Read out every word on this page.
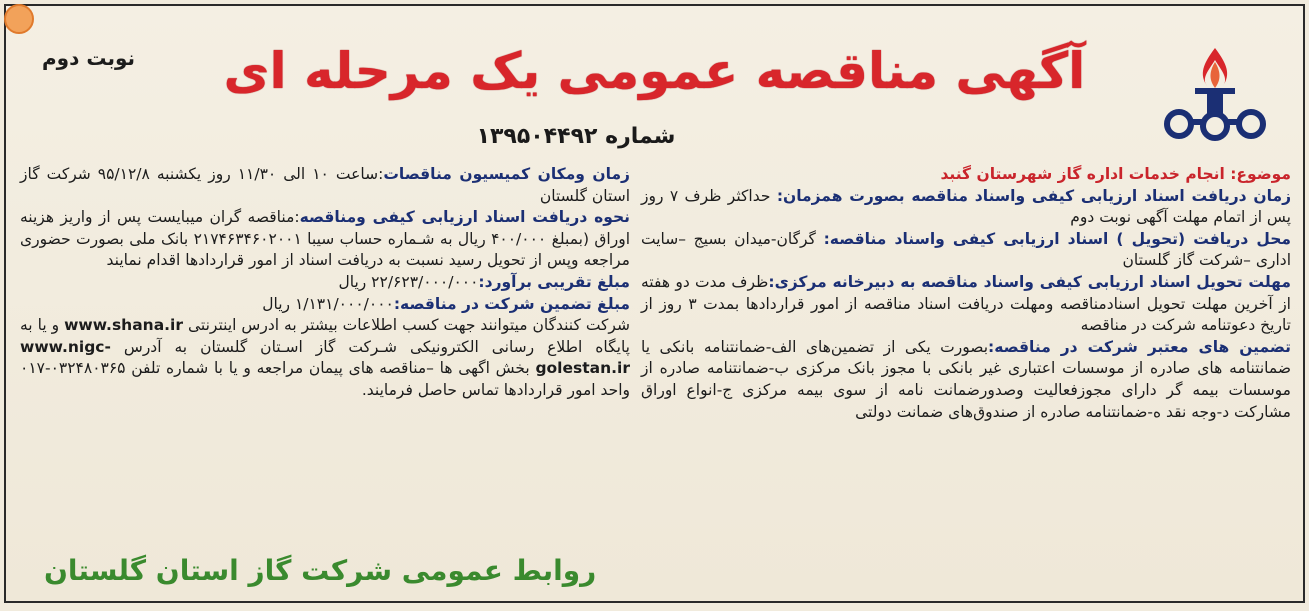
نوبت دوم	آگهی مناقصه عمومی یک مرحله ای
شماره ۱۳۹۵۰۴۴۹۲

موضوع: انجام خدمات اداره گاز شهرستان گنبد

زمان دریافت اسناد ارزیابی کیفی واسناد مناقصه بصورت همزمان: حداکثر ظرف ۷ روز پس از اتمام مهلت آگهی نوبت دوم

محل دریافت (تحویل ) اسناد ارزیابی کیفی واسناد مناقصه: گرگان-میدان بسیج –سایت اداری –شرکت گاز گلستان

مهلت تحویل اسناد ارزیابی کیفی واسناد مناقصه به دبیرخانه مرکزی:ظرف مدت دو هفته از آخرین مهلت تحویل اسنادمناقصه ومهلت دریافت اسناد مناقصه از امور قراردادها بمدت ۳ روز از تاریخ دعوتنامه شرکت در مناقصه

تضمین های معتبر شرکت در مناقصه:بصورت یکی از تضمین‌های الف-ضمانتنامه بانکی یا ضمانتنامه های صادره از موسسات اعتباری غیر بانکی با مجوز بانک مرکزی ب-ضمانتنامه صادره از موسسات بیمه گر دارای مجوزفعالیت وصدورضمانت نامه از سوی بیمه مرکزی ج-انواع اوراق مشارکت د-وجه نقد ه-ضمانتنامه صادره از صندوق‌های ضمانت دولتی

زمان ومکان کمیسیون مناقصات:ساعت ۱۰ الی ۱۱/۳۰ روز یکشنبه ۹۵/۱۲/۸ شرکت گاز استان گلستان

نحوه دریافت اسناد ارزیابی کیفی ومناقصه:مناقصه گران میبایست پس از واریز هزینه اوراق (بمبلغ ۴۰۰/۰۰۰ ریال به شـماره حساب سیبا ۲۱۷۴۶۳۴۶۰۲۰۰۱ بانک ملی بصورت حضوری مراجعه وپس از تحویل رسید نسبت به دریافت اسناد از امور قراردادها اقدام نمایند

مبلغ تقریبی برآورد:۲۲/۶۲۳/۰۰۰/۰۰۰ ریال

مبلغ تضمین شرکت در مناقصه:۱/۱۳۱/۰۰۰/۰۰۰ ریال

شرکت کنندگان میتوانند جهت کسب اطلاعات بیشتر به ادرس اینترنتی www.shana.ir و یا به پایگاه اطلاع رسانی الکترونیکی شـرکت گاز اسـتان گلستان به آدرس www.nigc-golestan.ir بخش اگهی ها –مناقصه های پیمان مراجعه و یا با شماره تلفن ۰۳۲۴۸۰۳۶۵-۰۱۷ واحد امور قراردادها تماس حاصل فرمایند.

روابط عمومی شرکت گاز استان گلستان
